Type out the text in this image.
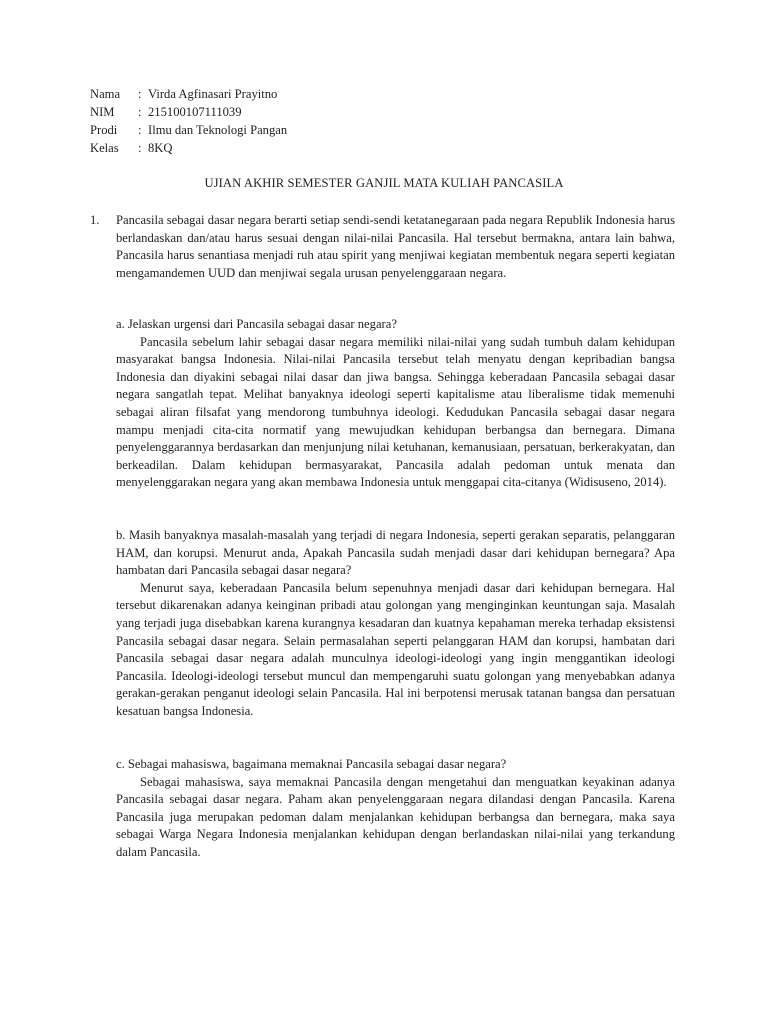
Nama	: Virda Agfinasari Prayitno
NIM	: 215100107111039
Prodi	: Ilmu dan Teknologi Pangan
Kelas	: 8KQ
UJIAN AKHIR SEMESTER GANJIL MATA KULIAH PANCASILA
1.	Pancasila sebagai dasar negara berarti setiap sendi-sendi ketatanegaraan pada negara Republik Indonesia harus berlandaskan dan/atau harus sesuai dengan nilai-nilai Pancasila. Hal tersebut bermakna, antara lain bahwa, Pancasila harus senantiasa menjadi ruh atau spirit yang menjiwai kegiatan membentuk negara seperti kegiatan mengamandemen UUD dan menjiwai segala urusan penyelenggaraan negara.

a. Jelaskan urgensi dari Pancasila sebagai dasar negara?

Pancasila sebelum lahir sebagai dasar negara memiliki nilai-nilai yang sudah tumbuh dalam kehidupan masyarakat bangsa Indonesia. Nilai-nilai Pancasila tersebut telah menyatu dengan kepribadian bangsa Indonesia dan diyakini sebagai nilai dasar dan jiwa bangsa. Sehingga keberadaan Pancasila sebagai dasar negara sangatlah tepat. Melihat banyaknya ideologi seperti kapitalisme atau liberalisme tidak memenuhi sebagai aliran filsafat yang mendorong tumbuhnya ideologi. Kedudukan Pancasila sebagai dasar negara mampu menjadi cita-cita normatif yang mewujudkan kehidupan berbangsa dan bernegara. Dimana penyelenggarannya berdasarkan dan menjunjung nilai ketuhanan, kemanusiaan, persatuan, berkerakyatan, dan berkeadilan. Dalam kehidupan bermasyarakat, Pancasila adalah pedoman untuk menata dan menyelenggarakan negara yang akan membawa Indonesia untuk menggapai cita-citanya (Widisuseno, 2014).

b. Masih banyaknya masalah-masalah yang terjadi di negara Indonesia, seperti gerakan separatis, pelanggaran HAM, dan korupsi. Menurut anda, Apakah Pancasila sudah menjadi dasar dari kehidupan bernegara? Apa hambatan dari Pancasila sebagai dasar negara?

Menurut saya, keberadaan Pancasila belum sepenuhnya menjadi dasar dari kehidupan bernegara. Hal tersebut dikarenakan adanya keinginan pribadi atau golongan yang menginginkan keuntungan saja. Masalah yang terjadi juga disebabkan karena kurangnya kesadaran dan kuatnya kepahaman mereka terhadap eksistensi Pancasila sebagai dasar negara. Selain permasalahan seperti pelanggaran HAM dan korupsi, hambatan dari Pancasila sebagai dasar negara adalah munculnya ideologi-ideologi yang ingin menggantikan ideologi Pancasila. Ideologi-ideologi tersebut muncul dan mempengaruhi suatu golongan yang menyebabkan adanya gerakan-gerakan penganut ideologi selain Pancasila. Hal ini berpotensi merusak tatanan bangsa dan persatuan kesatuan bangsa Indonesia.

c. Sebagai mahasiswa, bagaimana memaknai Pancasila sebagai dasar negara?

Sebagai mahasiswa, saya memaknai Pancasila dengan mengetahui dan menguatkan keyakinan adanya Pancasila sebagai dasar negara. Paham akan penyelenggaraan negara dilandasi dengan Pancasila. Karena Pancasila juga merupakan pedoman dalam menjalankan kehidupan berbangsa dan bernegara, maka saya sebagai Warga Negara Indonesia menjalankan kehidupan dengan berlandaskan nilai-nilai yang terkandung dalam Pancasila.
